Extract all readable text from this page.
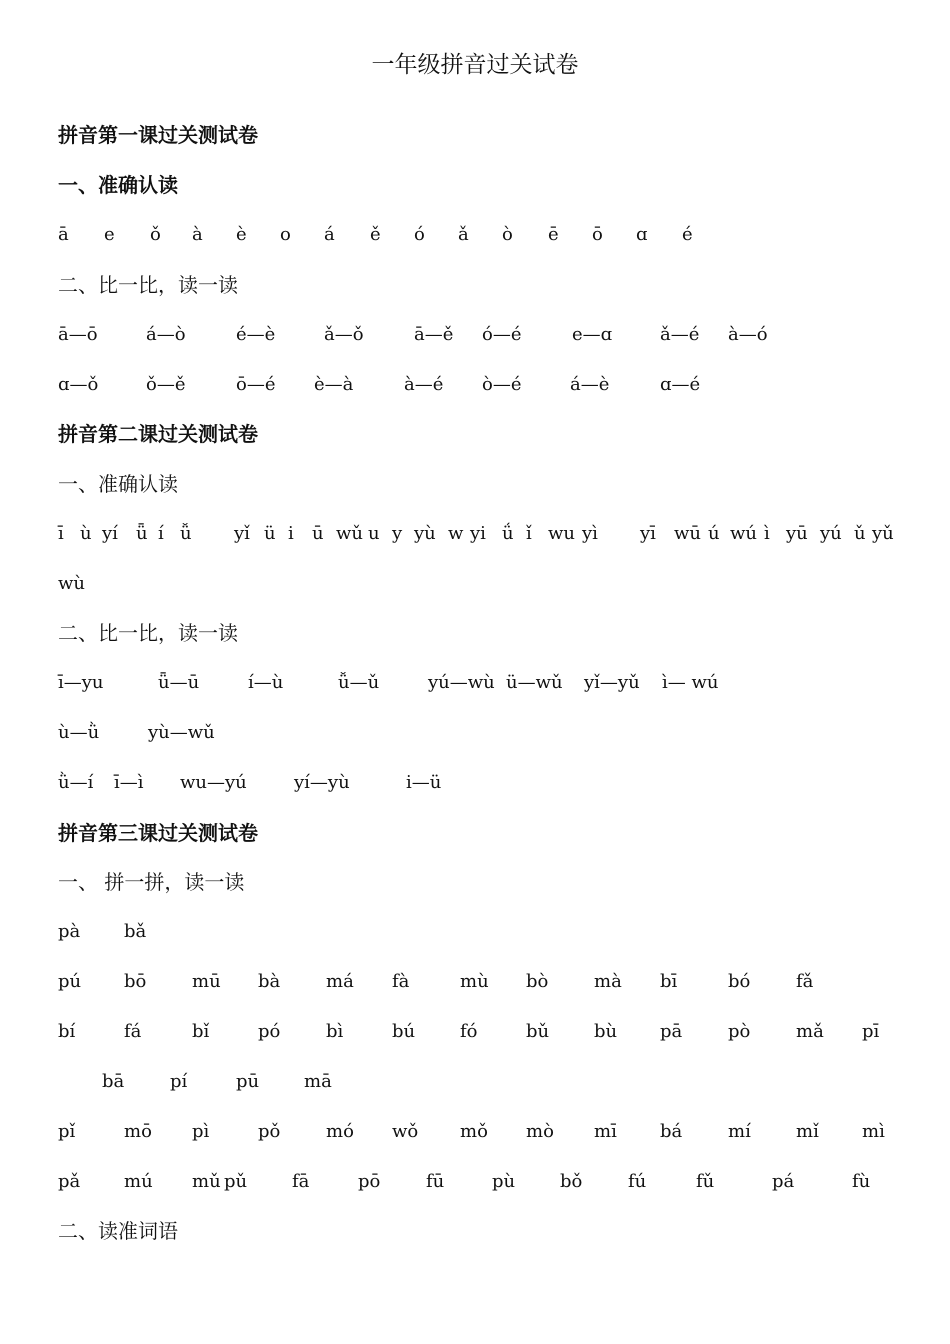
一年级拼音过关试卷
拼音第一课过关测试卷
一、准确认读
ā e ǒ à è o á ě ó ǎ ò ē ō ɑ é
二、比一比，读一读
ā—ō	á—ò	é—è	ǎ—ǒ	ā—ě ó—é	e—ɑ	ǎ—é à—ó
ɑ—ǒ	ǒ—ě	ō—é è—à	à—é ò—é	á—è	ɑ—é
拼音第二课过关测试卷
一、准确认读
ī ù yí ǖ í ǚ yǐ ü i ū wǔ u y yù w yi ǘ ǐ wu yì yī wū ú wú ì yū yú ǔ yǔ
wù
二、比一比，读一读
ī—yu	ǖ—ū	í—ù	ǚ—ǔ	yú—wù ü—wǔ yǐ—yǔ ì— wú
ù—ǜ	yù—wǔ
ǜ—í ī—ì wu—yú	yí—yù	i—ü
拼音第三课过关测试卷
一、 拼一拼，读一读
pà bǎ
pú bō	mū bà	má fà	mù bò	mà bī	bó	fǎ
bí	fá	bǐ	pó	bì	bú fó	bǔ bù pā	pò	mǎ pī
bā	pí	pū mā
pǐ	mō pì	pǒ	mó wǒ mǒ mò mī bá	mí	mǐ mì
pǎ mú mǔ pǔ fā	pō	fū	pù bǒ	fú	fǔ	pá	fù
二、读准词语
